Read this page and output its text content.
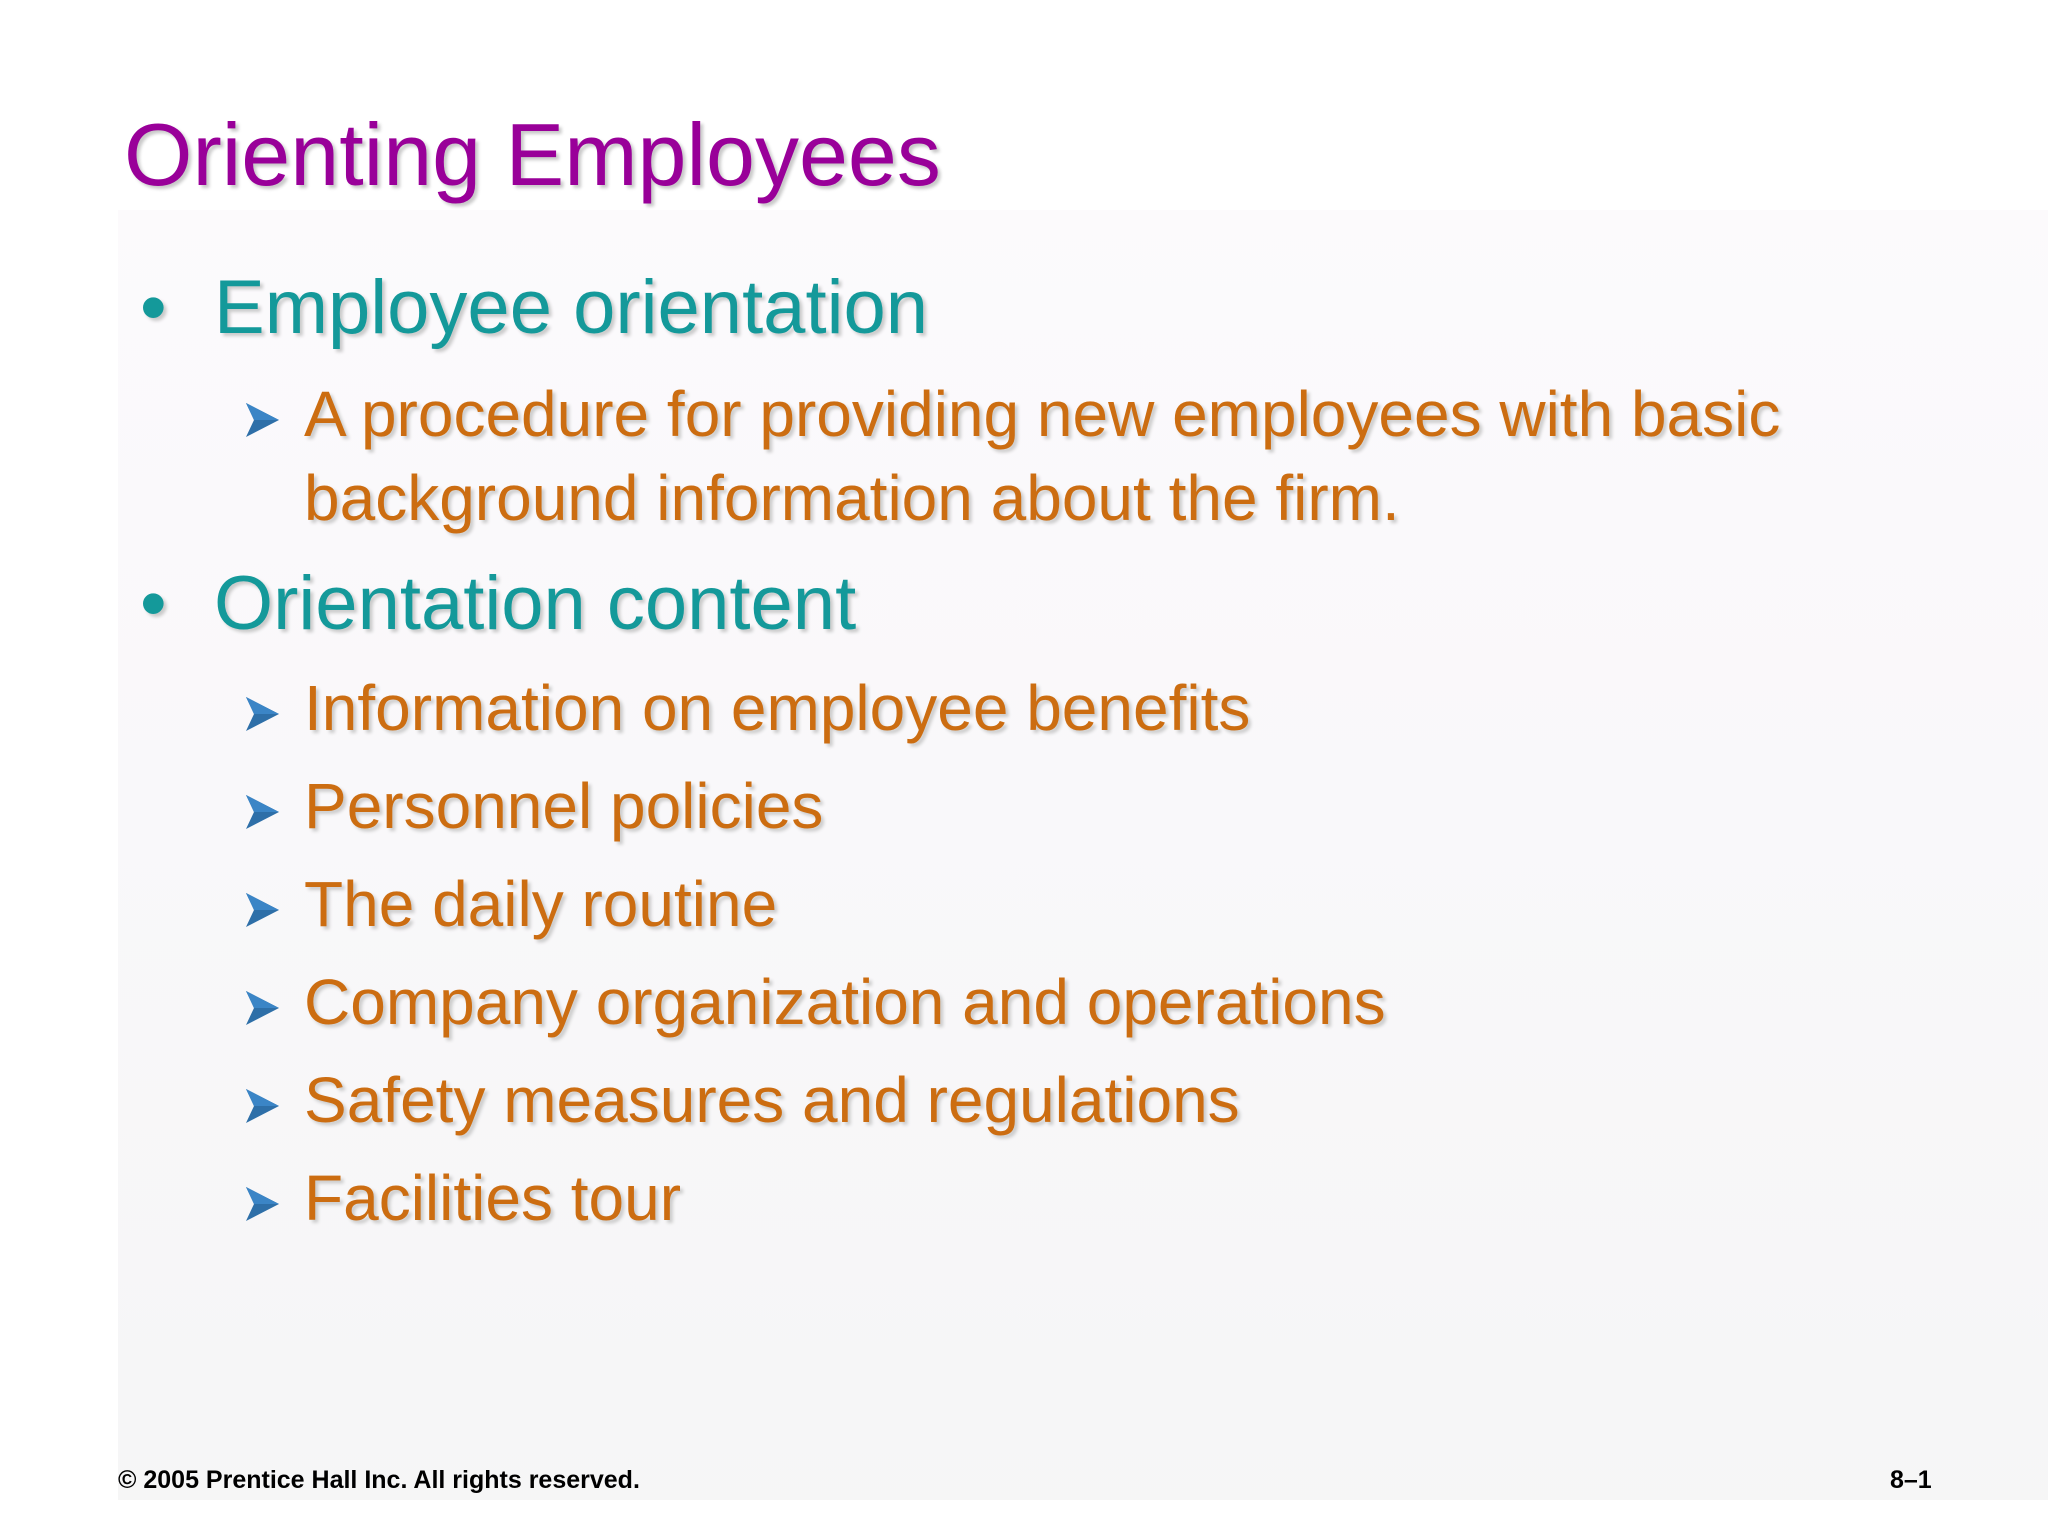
Orienting Employees
• Employee orientation
A procedure for providing new employees with basic
background information about the firm.
• Orientation content
Information on employee benefits
Personnel policies
The daily routine
Company organization and operations
Safety measures and regulations
Facilities tour
© 2005 Prentice Hall Inc. All rights reserved.	8–1
